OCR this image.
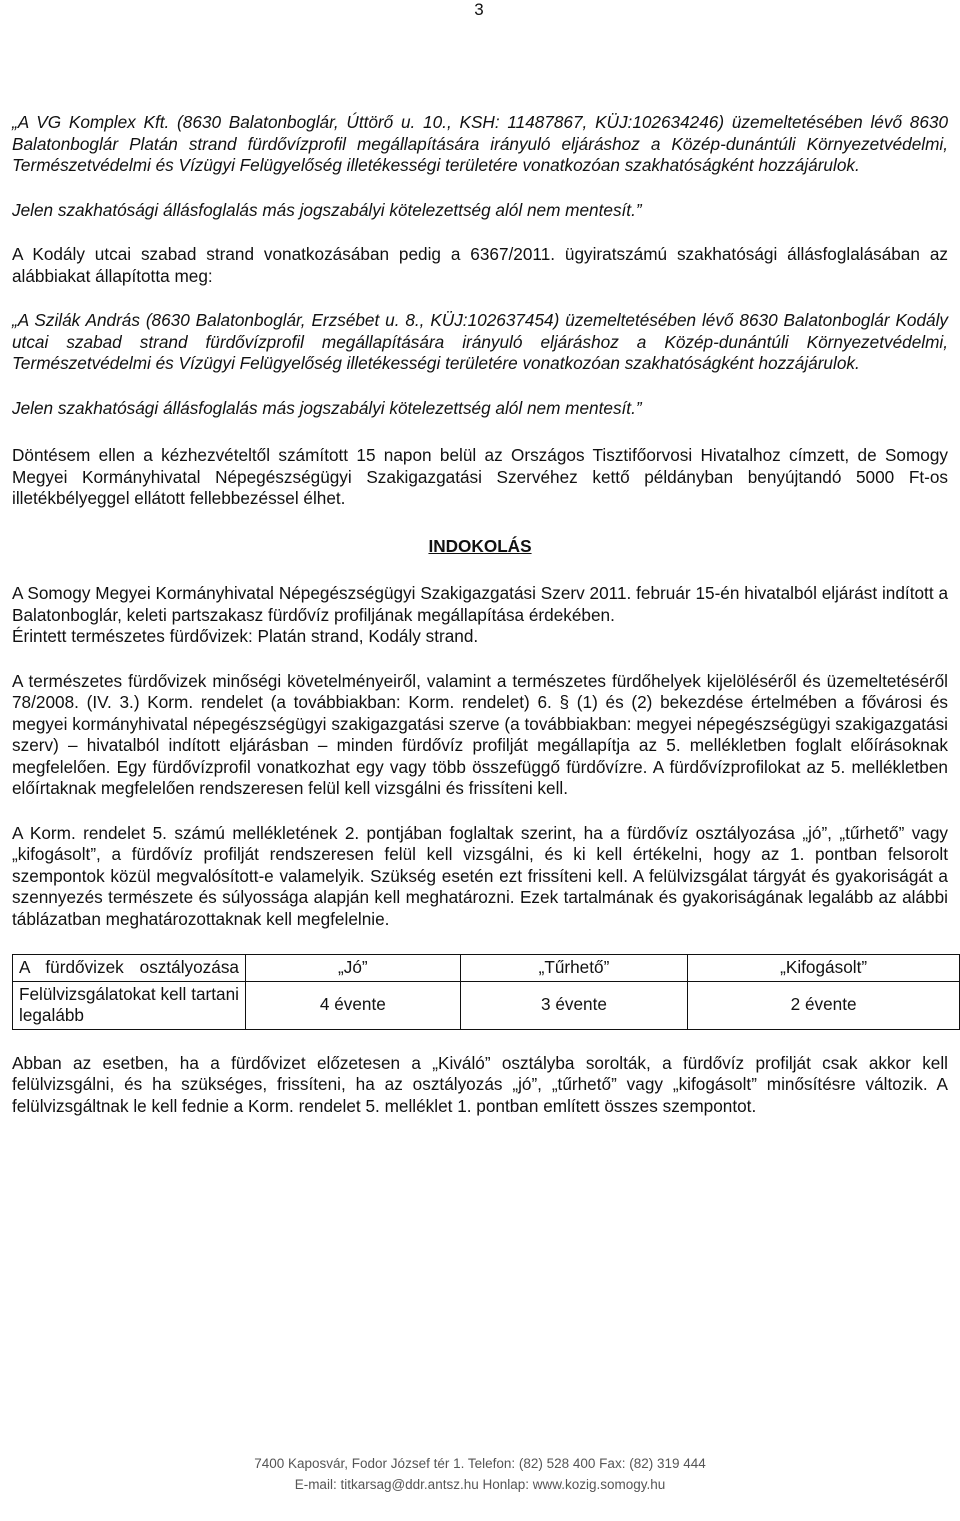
3

„A VG Komplex Kft. (8630 Balatonboglár, Úttörő u. 10., KSH: 11487867, KÜJ:102634246) üzemeltetésében lévő 8630 Balatonboglár Platán strand fürdővízprofil megállapítására irányuló eljáráshoz a Közép-dunántúli Környezetvédelmi, Természetvédelmi és Vízügyi Felügyelőség illetékességi területére vonatkozóan szakhatóságként hozzájárulok.

Jelen szakhatósági állásfoglalás más jogszabályi kötelezettség alól nem mentesít.”

A Kodály utcai szabad strand vonatkozásában pedig a 6367/2011. ügyiratszámú szakhatósági állásfoglalásában az alábbiakat állapította meg:

„A Szilák András (8630 Balatonboglár, Erzsébet u. 8., KÜJ:102637454) üzemeltetésében lévő 8630 Balatonboglár Kodály utcai szabad strand fürdővízprofil megállapítására irányuló eljáráshoz a Közép-dunántúli Környezetvédelmi, Természetvédelmi és Vízügyi Felügyelőség illetékességi területére vonatkozóan szakhatóságként hozzájárulok.

Jelen szakhatósági állásfoglalás más jogszabályi kötelezettség alól nem mentesít.”

Döntésem ellen a kézhezvételtől számított 15 napon belül az Országos Tisztifőorvosi Hivatalhoz címzett, de Somogy Megyei Kormányhivatal Népegészségügyi Szakigazgatási Szervéhez kettő példányban benyújtandó 5000 Ft-os illetékbélyeggel ellátott fellebbezéssel élhet.

INDOKOLÁS

A Somogy Megyei Kormányhivatal Népegészségügyi Szakigazgatási Szerv 2011. február 15-én hivatalból eljárást indított a Balatonboglár, keleti partszakasz fürdővíz profiljának megállapítása érdekében.

Érintett természetes fürdővizek: Platán strand, Kodály strand.

A természetes fürdővizek minőségi követelményeiről, valamint a természetes fürdőhelyek kijelöléséről és üzemeltetéséről 78/2008. (IV. 3.) Korm. rendelet (a továbbiakban: Korm. rendelet) 6. § (1) és (2) bekezdése értelmében a fővárosi és megyei kormányhivatal népegészségügyi szakigazgatási szerve (a továbbiakban: megyei népegészségügyi szakigazgatási szerv) – hivatalból indított eljárásban – minden fürdővíz profilját megállapítja az 5. mellékletben foglalt előírásoknak megfelelően. Egy fürdővízprofil vonatkozhat egy vagy több összefüggő fürdővízre. A fürdővízprofilokat az 5. mellékletben előírtaknak megfelelően rendszeresen felül kell vizsgálni és frissíteni kell.

A Korm. rendelet 5. számú mellékletének 2. pontjában foglaltak szerint, ha a fürdővíz osztályozása „jó”, „tűrhető” vagy „kifogásolt”, a fürdővíz profilját rendszeresen felül kell vizsgálni, és ki kell értékelni, hogy az 1. pontban felsorolt szempontok közül megvalósított-e valamelyik. Szükség esetén ezt frissíteni kell. A felülvizsgálat tárgyát és gyakoriságát a szennyezés természete és súlyossága alapján kell meghatározni. Ezek tartalmának és gyakoriságának legalább az alábbi táblázatban meghatározottaknak kell megfelelnie.

A fürdővizek osztályozása	„Jó”	„Tűrhető”	„Kifogásolt”
Felülvizsgálatokat kell tartani legalább	4 évente	3 évente	2 évente

Abban az esetben, ha a fürdővizet előzetesen a „Kiváló” osztályba sorolták, a fürdővíz profilját csak akkor kell felülvizsgálni, és ha szükséges, frissíteni, ha az osztályozás „jó”, „tűrhető” vagy „kifogásolt” minősítésre változik. A felülvizsgáltnak le kell fednie a Korm. rendelet 5. melléklet 1. pontban említett összes szempontot.

7400 Kaposvár, Fodor József tér 1. Telefon: (82) 528 400 Fax: (82) 319 444
E-mail: titkarsag@ddr.antsz.hu Honlap: www.kozig.somogy.hu
